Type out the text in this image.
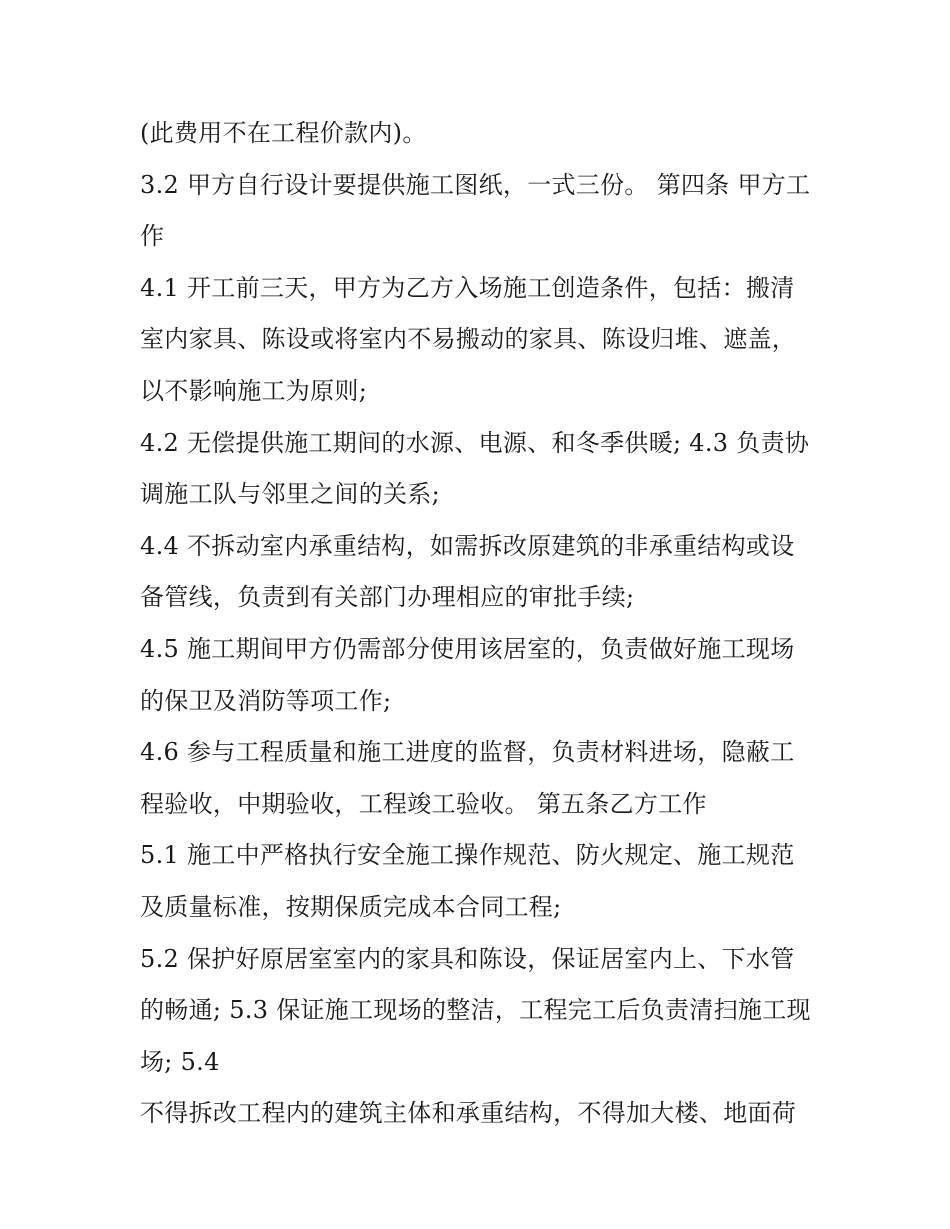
(此费用不在工程价款内)。
3.2 甲方自行设计要提供施工图纸，一式三份。 第四条 甲方工
作
4.1 开工前三天，甲方为乙方入场施工创造条件，包括：搬清
室内家具、陈设或将室内不易搬动的家具、陈设归堆、遮盖，
以不影响施工为原则;
4.2 无偿提供施工期间的水源、电源、和冬季供暖; 4.3 负责协
调施工队与邻里之间的关系;
4.4 不拆动室内承重结构，如需拆改原建筑的非承重结构或设
备管线，负责到有关部门办理相应的审批手续;
4.5 施工期间甲方仍需部分使用该居室的，负责做好施工现场
的保卫及消防等项工作;
4.6 参与工程质量和施工进度的监督，负责材料进场，隐蔽工
程验收，中期验收，工程竣工验收。 第五条乙方工作
5.1 施工中严格执行安全施工操作规范、防火规定、施工规范
及质量标准，按期保质完成本合同工程;
5.2 保护好原居室室内的家具和陈设，保证居室内上、下水管
的畅通; 5.3 保证施工现场的整洁，工程完工后负责清扫施工现
场; 5.4
不得拆改工程内的建筑主体和承重结构，不得加大楼、地面荷
